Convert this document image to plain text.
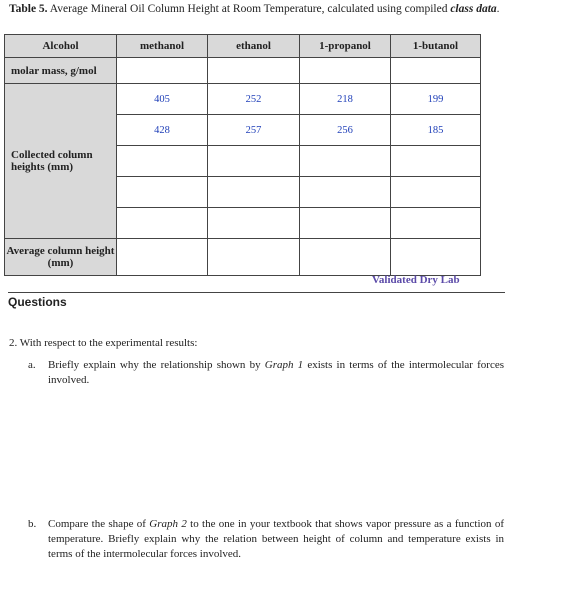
Table 5. Average Mineral Oil Column Height at Room Temperature, calculated using compiled class data.
Alcohol	methanol	ethanol	1-propanol	1-butanol
molar mass, g/mol				
Collected column heights (mm)	405	252	218	199
	428	257	256	185

Average column height (mm)				
Validated Dry Lab
Questions
2. With respect to the experimental results:
a. Briefly explain why the relationship shown by Graph 1 exists in terms of the intermolecular forces involved.
b. Compare the shape of Graph 2 to the one in your textbook that shows vapor pressure as a function of temperature. Briefly explain why the relation between height of column and temperature exists in terms of the intermolecular forces involved.
